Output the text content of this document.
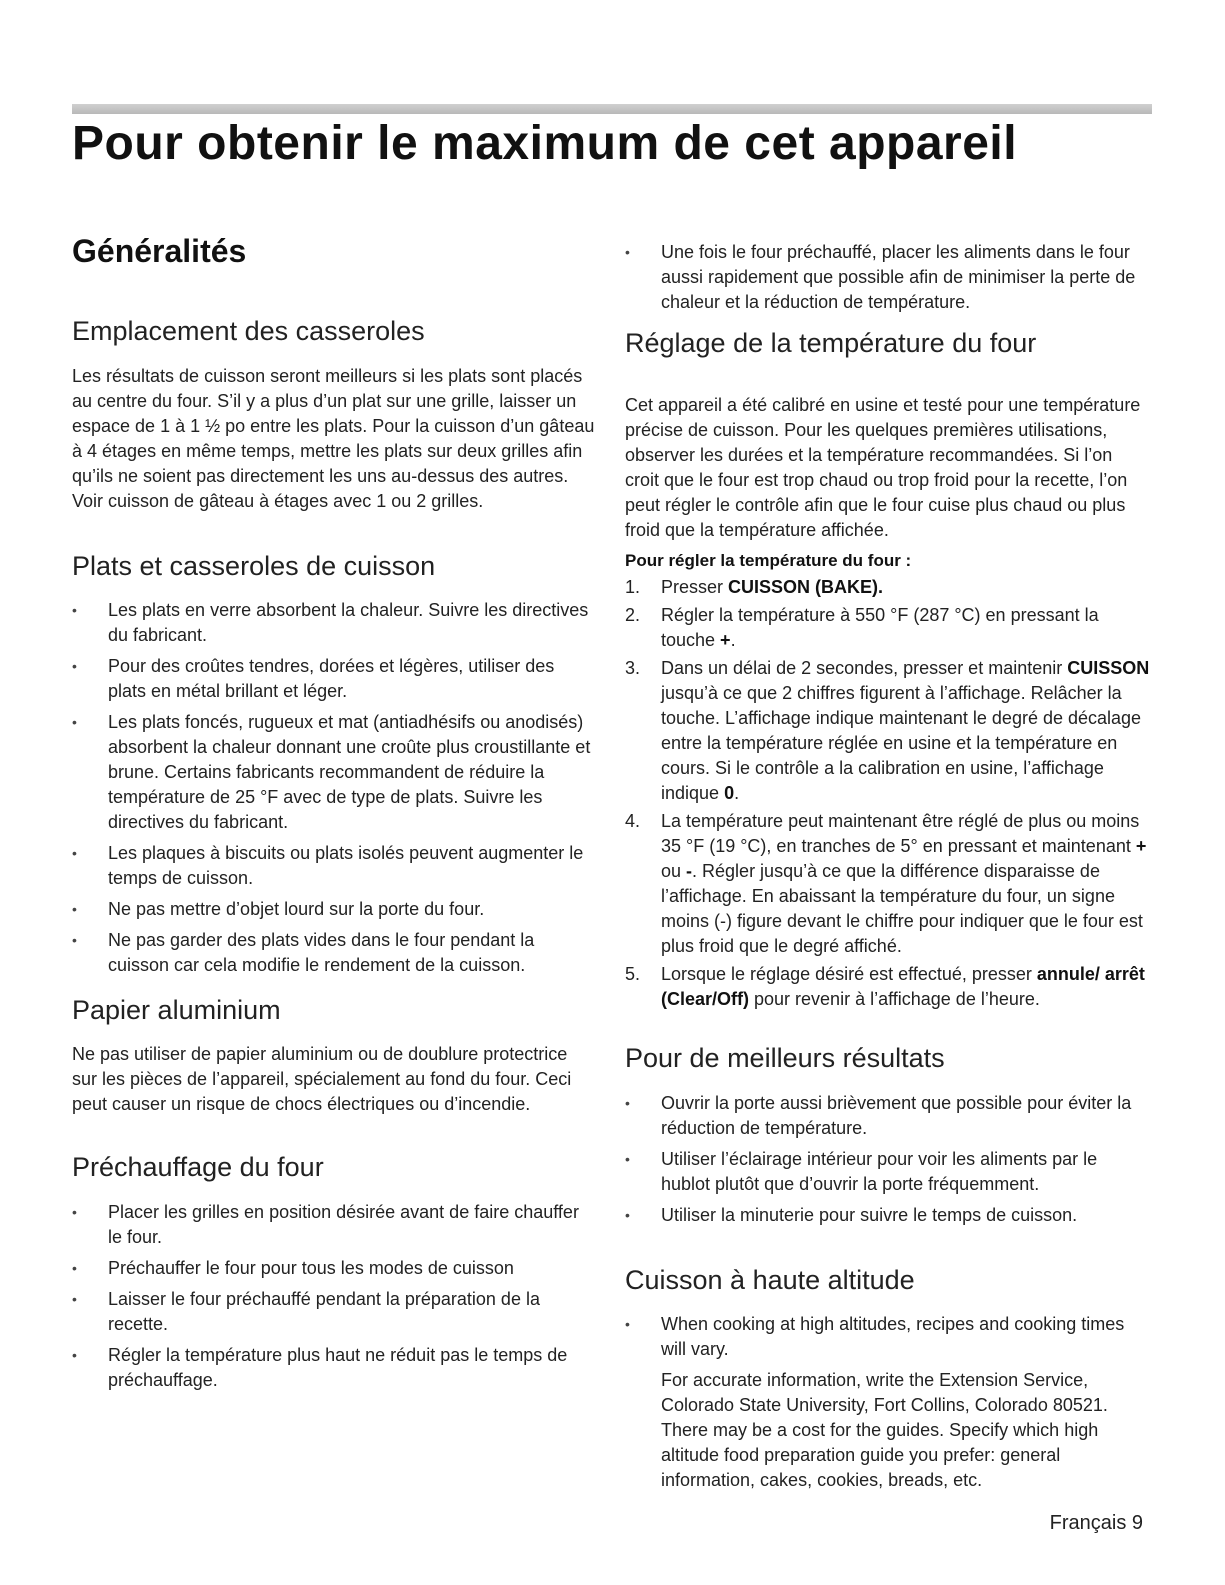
Pour obtenir le maximum de cet appareil
Généralités
Emplacement des casseroles

Les résultats de cuisson seront meilleurs si les plats sont placés au centre du four. S’il y a plus d’un plat sur une grille, laisser un espace de 1 à 1 ½ po entre les plats. Pour la cuisson d’un gâteau à 4 étages en même temps, mettre les plats sur deux grilles afin qu’ils ne soient pas directement les uns au-dessus des autres. Voir cuisson de gâteau à étages avec 1 ou 2 grilles.

Plats et casseroles de cuisson
• Les plats en verre absorbent la chaleur. Suivre les directives du fabricant.
• Pour des croûtes tendres, dorées et légères, utiliser des plats en métal brillant et léger.
• Les plats foncés, rugueux et mat (antiadhésifs ou anodisés) absorbent la chaleur donnant une croûte plus croustillante et brune. Certains fabricants recommandent de réduire la température de 25 °F avec de type de plats. Suivre les directives du fabricant.
• Les plaques à biscuits ou plats isolés peuvent augmenter le temps de cuisson.
• Ne pas mettre d’objet lourd sur la porte du four.
• Ne pas garder des plats vides dans le four pendant la cuisson car cela modifie le rendement de la cuisson.
Papier aluminium

Ne pas utiliser de papier aluminium ou de doublure protectrice sur les pièces de l’appareil, spécialement au fond du four. Ceci peut causer un risque de chocs électriques ou d’incendie.

Préchauffage du four
• Placer les grilles en position désirée avant de faire chauffer le four.
• Préchauffer le four pour tous les modes de cuisson
• Laisser le four préchauffé pendant la préparation de la recette.
• Régler la température plus haut ne réduit pas le temps de préchauffage.
• Une fois le four préchauffé, placer les aliments dans le four aussi rapidement que possible afin de minimiser la perte de chaleur et la réduction de température.
Réglage de la température du four

Cet appareil a été calibré en usine et testé pour une température précise de cuisson. Pour les quelques premières utilisations, observer les durées et la température recommandées. Si l’on croit que le four est trop chaud ou trop froid pour la recette, l’on peut régler le contrôle afin que le four cuise plus chaud ou plus froid que la température affichée.

Pour régler la température du four :

1. Presser CUISSON (BAKE).
2. Régler la température à 550 °F (287 °C) en pressant la touche +.
3. Dans un délai de 2 secondes, presser et maintenir CUISSON jusqu’à ce que 2 chiffres figurent à l’affichage. Relâcher la touche. L’affichage indique maintenant le degré de décalage entre la température réglée en usine et la température en cours. Si le contrôle a la calibration en usine, l’affichage indique 0.
4. La température peut maintenant être réglé de plus ou moins 35 °F (19 °C), en tranches de 5° en pressant et maintenant + ou -. Régler jusqu’à ce que la différence disparaisse de l’affichage. En abaissant la température du four, un signe moins (-) figure devant le chiffre pour indiquer que le four est plus froid que le degré affiché.
5. Lorsque le réglage désiré est effectué, presser annule/ arrêt (Clear/Off) pour revenir à l’affichage de l’heure.
Pour de meilleurs résultats
• Ouvrir la porte aussi brièvement que possible pour éviter la réduction de température.
• Utiliser l’éclairage intérieur pour voir les aliments par le hublot plutôt que d’ouvrir la porte fréquemment.
• Utiliser la minuterie pour suivre le temps de cuisson.
Cuisson à haute altitude
• When cooking at high altitudes, recipes and cooking times will vary.

For accurate information, write the Extension Service, Colorado State University, Fort Collins, Colorado 80521. There may be a cost for the guides. Specify which high altitude food preparation guide you prefer: general information, cakes, cookies, breads, etc.

Français 9
